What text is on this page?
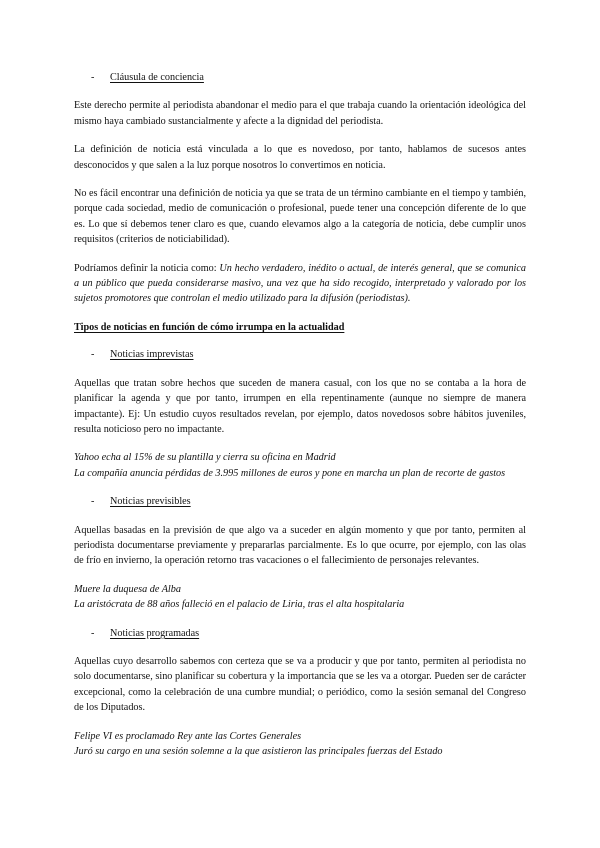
-	Cláusula de conciencia

Este derecho permite al periodista abandonar el medio para el que trabaja cuando la orientación ideológica del mismo haya cambiado sustancialmente y afecte a la dignidad del periodista.

La definición de noticia está vinculada a lo que es novedoso, por tanto, hablamos de sucesos antes desconocidos y que salen a la luz porque nosotros lo convertimos en noticia.

No es fácil encontrar una definición de noticia ya que se trata de un término cambiante en el tiempo y también, porque cada sociedad, medio de comunicación o profesional, puede tener una concepción diferente de lo que es. Lo que sí debemos tener claro es que, cuando elevamos algo a la categoría de noticia, debe cumplir unos requisitos (criterios de noticiabilidad).

Podríamos definir la noticia como: Un hecho verdadero, inédito o actual, de interés general, que se comunica a un público que pueda considerarse masivo, una vez que ha sido recogido, interpretado y valorado por los sujetos promotores que controlan el medio utilizado para la difusión (periodistas).

Tipos de noticias en función de cómo irrumpa en la actualidad
-	Noticias imprevistas

Aquellas que tratan sobre hechos que suceden de manera casual, con los que no se contaba a la hora de planificar la agenda y que por tanto, irrumpen en ella repentinamente (aunque no siempre de manera impactante). Ej: Un estudio cuyos resultados revelan, por ejemplo, datos novedosos sobre hábitos juveniles, resulta noticioso pero no impactante.

Yahoo echa al 15% de su plantilla y cierra su oficina en Madrid
La compañía anuncia pérdidas de 3.995 millones de euros y pone en marcha un plan de recorte de gastos
-	Noticias previsibles

Aquellas basadas en la previsión de que algo va a suceder en algún momento y que por tanto, permiten al periodista documentarse previamente y prepararlas parcialmente. Es lo que ocurre, por ejemplo, con las olas de frío en invierno, la operación retorno tras vacaciones o el fallecimiento de personajes relevantes.

Muere la duquesa de Alba
La aristócrata de 88 años falleció en el palacio de Liria, tras el alta hospitalaria
-	Noticias programadas

Aquellas cuyo desarrollo sabemos con certeza que se va a producir y que por tanto, permiten al periodista no solo documentarse, sino planificar su cobertura y la importancia que se les va a otorgar. Pueden ser de carácter excepcional, como la celebración de una cumbre mundial; o periódico, como la sesión semanal del Congreso de los Diputados.

Felipe VI es proclamado Rey ante las Cortes Generales
Juró su cargo en una sesión solemne a la que asistieron las principales fuerzas del Estado
